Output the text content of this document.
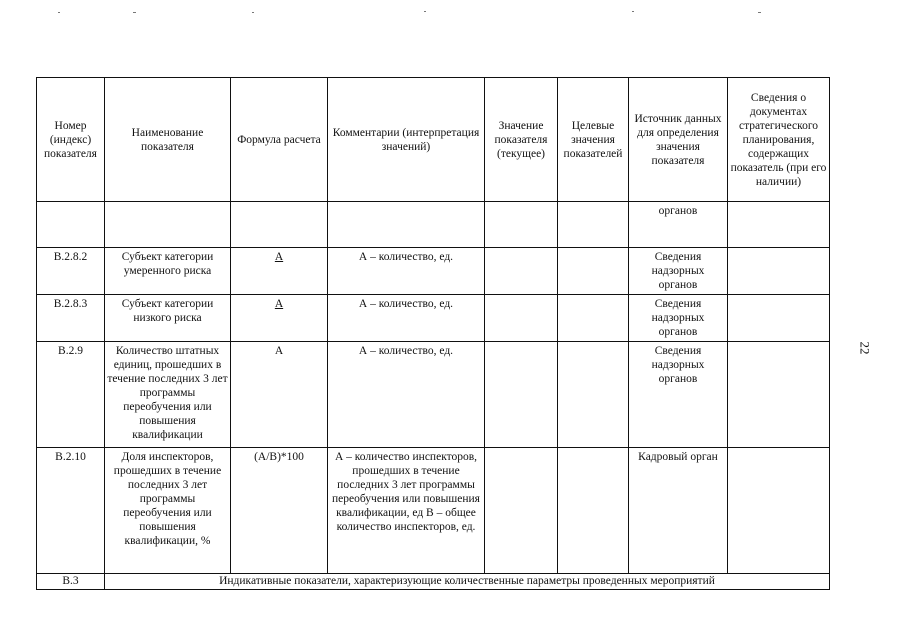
Номер (индекс) показателя	Наименование показателя	Формула расчета	Комментарии (интерпретация значений)	Значение показателя (текущее)	Целевые значения показателей	Источник данных для определения значения показателя	Сведения о документах стратегического планирования, содержащих показатель (при его наличии)
						органов	
В.2.8.2	Субъект категории умеренного риска	А	А – количество, ед.			Сведения надзорных органов	
В.2.8.3	Субъект категории низкого риска	А	А – количество, ед.			Сведения надзорных органов	
В.2.9	Количество штатных единиц, прошедших в течение последних 3 лет программы переобучения или повышения квалификации	А	А – количество, ед.			Сведения надзорных органов	
В.2.10	Доля инспекторов, прошедших в течение последних 3 лет программы переобучения или повышения квалификации, %	(А/В)*100	А – количество инспекторов, прошедших в течение последних 3 лет программы переобучения или повышения квалификации, ед В – общее количество инспекторов, ед.			Кадровый орган	
В.3	Индикативные показатели, характеризующие количественные параметры проведенных мероприятий						
22
